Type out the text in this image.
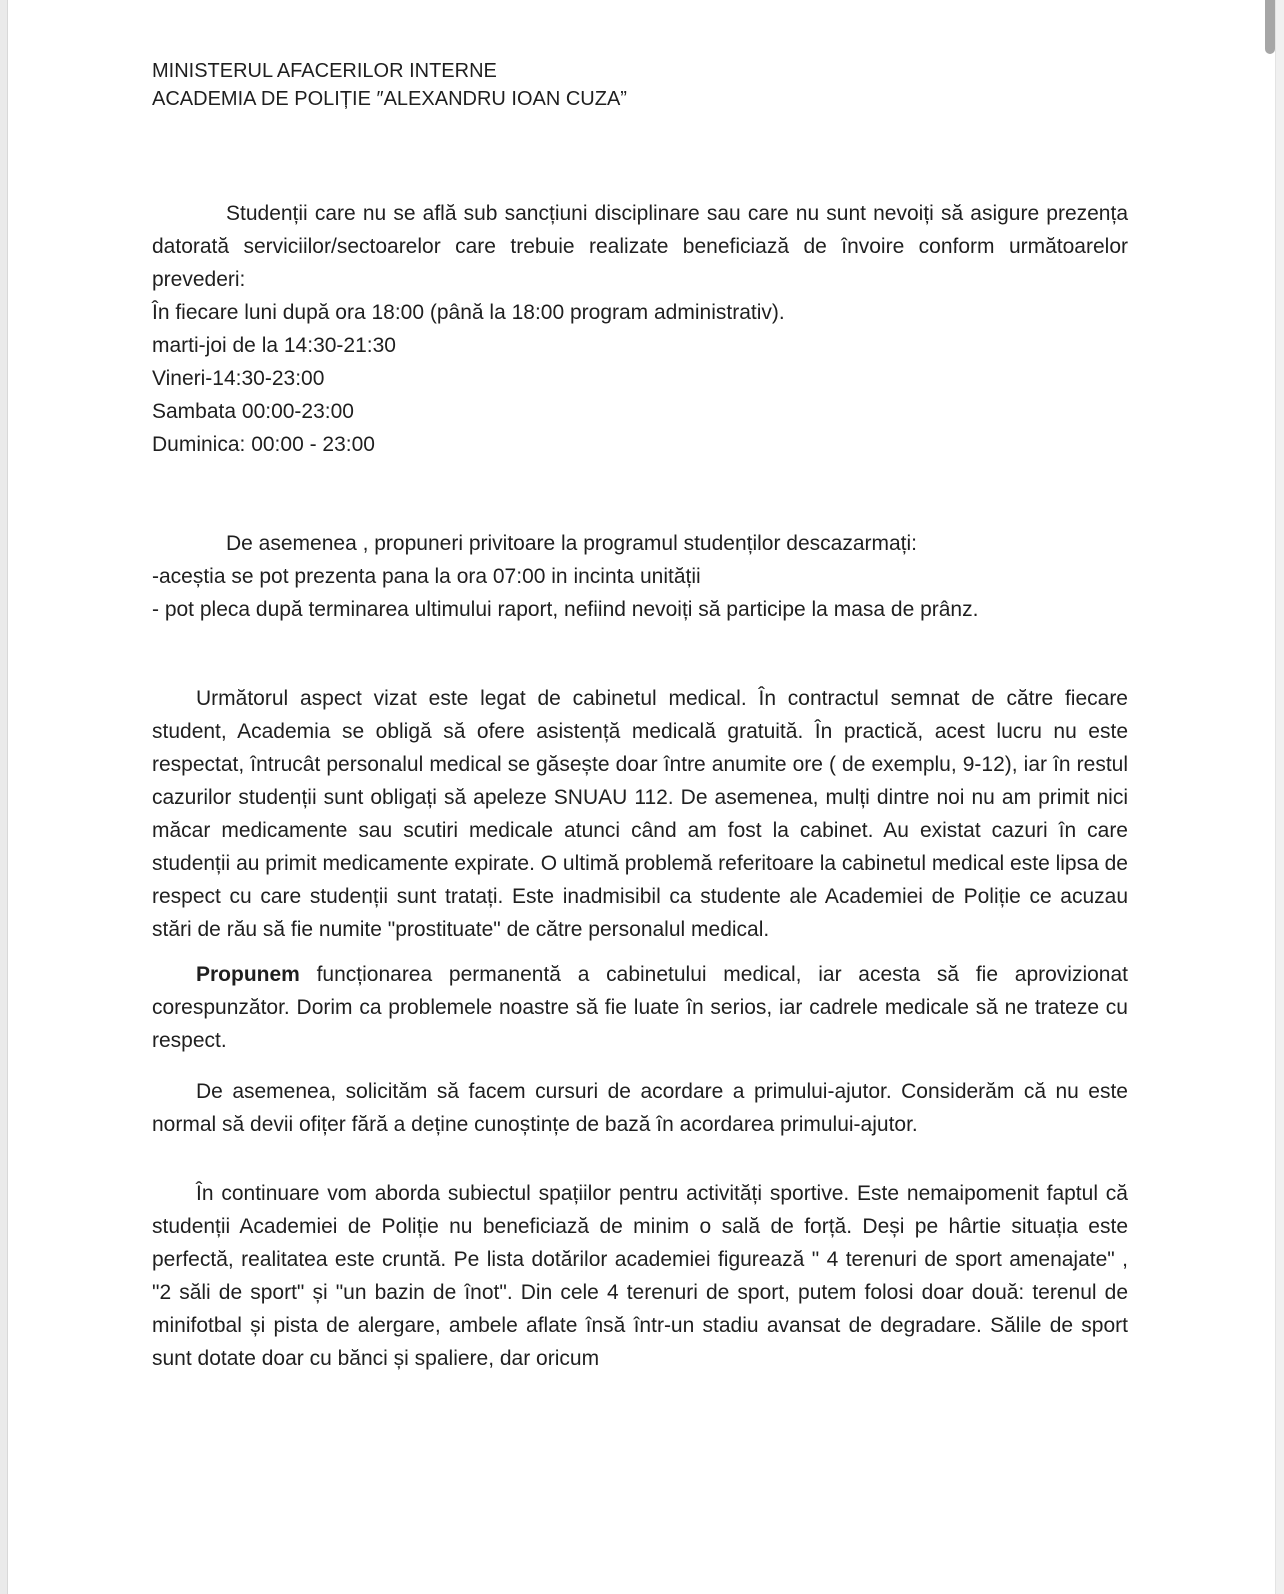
MINISTERUL AFACERILOR INTERNE
ACADEMIA DE POLIȚIE ″ALEXANDRU IOAN CUZA”

Studenții care nu se află sub sancțiuni disciplinare sau care nu sunt nevoiți să asigure prezența datorată serviciilor/sectoarelor care trebuie realizate beneficiază de învoire conform următoarelor prevederi:

În fiecare luni după ora 18:00 (până la 18:00 program administrativ).
marti-joi de la 14:30-21:30
Vineri-14:30-23:00
Sambata 00:00-23:00
Duminica: 00:00 - 23:00

De asemenea , propuneri privitoare la programul studenților descazarmați:

-aceștia se pot prezenta pana la ora 07:00 in incinta unității

- pot pleca după terminarea ultimului raport, nefiind nevoiți să participe la masa de prânz.

Următorul aspect vizat este legat de cabinetul medical. În contractul semnat de către fiecare student, Academia se obligă să ofere asistență medicală gratuită. În practică, acest lucru nu este respectat, întrucât personalul medical se găsește doar între anumite ore ( de exemplu, 9-12), iar în restul cazurilor studenții sunt obligați să apeleze SNUAU 112. De asemenea, mulți dintre noi nu am primit nici măcar medicamente sau scutiri medicale atunci când am fost la cabinet. Au existat cazuri în care studenții au primit medicamente expirate. O ultimă problemă referitoare la cabinetul medical este lipsa de respect cu care studenții sunt tratați. Este inadmisibil ca studente ale Academiei de Poliție ce acuzau stări de rău să fie numite "prostituate" de către personalul medical.

Propunem funcționarea permanentă a cabinetului medical, iar acesta să fie aprovizionat corespunzător. Dorim ca problemele noastre să fie luate în serios, iar cadrele medicale să ne trateze cu respect.

De asemenea, solicităm să facem cursuri de acordare a primului-ajutor. Considerăm că nu este normal să devii ofițer fără a deține cunoștințe de bază în acordarea primului-ajutor.

În continuare vom aborda subiectul spațiilor pentru activități sportive. Este nemaipomenit faptul că studenții Academiei de Poliție nu beneficiază de minim o sală de forță. Deși pe hârtie situația este perfectă, realitatea este cruntă. Pe lista dotărilor academiei figurează " 4 terenuri de sport amenajate" , "2 săli de sport" și "un bazin de înot". Din cele 4 terenuri de sport, putem folosi doar două: terenul de minifotbal și pista de alergare, ambele aflate însă într-un stadiu avansat de degradare. Sălile de sport sunt dotate doar cu bănci și spaliere, dar oricum
